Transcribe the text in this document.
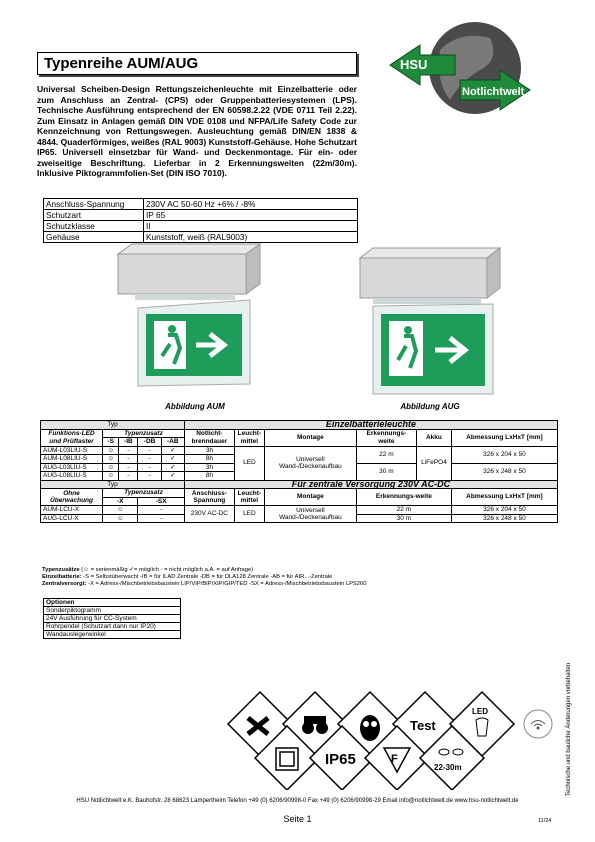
Typenreihe AUM/AUG
Universal Scheiben-Design Rettungszeichenleuchte mit Einzelbatterie oder zum Anschluss an Zentral- (CPS) oder Gruppenbatteriesystemen (LPS). Technische Ausführung entsprechend der EN 60598.2.22 (VDE 0711 Teil 2.22). Zum Einsatz in Anlagen gemäß DIN VDE 0108 und NFPA/Life Safety Code zur Kennzeichnung von Rettungswegen. Ausleuchtung gemäß DIN/EN 1838 & 4844. Quaderförmiges, weißes (RAL 9003) Kunststoff-Gehäuse. Hohe Schutzart IP65. Universell einsetzbar für Wand- und Deckenmontage. Für ein- oder zweiseitige Beschriftung. Lieferbar in 2 Erkennungsweiten (22m/30m). Inklusive Piktogrammfolien-Set (DIN ISO 7010).
HSU
Notlichtwelt
Anschluss-Spannung	230V AC 50-60 Hz +6% / -8%
Schutzart	IP 65
Schutzklasse	II
Gehäuse	Kunststoff, weiß (RAL9003)
Abbildung AUM	Abbildung AUG
Typ					Einzelbatterieleuchte					
Funktions-LED und Prüftaster	Typenzusatz				Notlicht-brenndauer	Leucht-mittel	Montage	Erkennungs-weite	Akku	Abmessung LxHxT [mm]
	-S	-IB	-DB	-AB						
AUM-L03LIU-S	☺	-	-	✓	3h	LED	Universell Wand-/Deckenaufbau	22 m	LiFePO4	326 x 204 x 50
AUM-L08LIU-S	☺	-	-	✓	8h					
AUG-L03LIU-S	☺	-	-	✓	3h			30 m		326 x 248 x 50
AUG-L08LIU-S	☺	-	-	✓	8h					
Typ					Für zentrale Versorgung 230V AC-DC					
Ohne Überwachung	Typenzusatz				Anschluss-Spannung	Leucht-mittel	Montage	Erkennungs-weite		Abmessung LxHxT [mm]
	-X		-SX							
AUM-LCU-X	☺		-		230V AC-DC	LED	Universell Wand-/Deckenaufbau	22 m		326 x 204 x 50
AUG-LCU-X	☺		-					30 m		326 x 248 x 50
Typenzusätze (☺ = serienmäßig ✓= möglich - = nicht möglich a.A. = auf Anfrage)
Einzelbatterie: -S = Selbstüberwacht -IB = für ILAD Zentrale -DB = für DLA128 Zentrale -AB = für AIR...-Zentrale
Zentralversorgt: -X = Adress-/Mischbetriebsbaustein LIP/VIP/BIP/XIP/GIP/TED -SX = Adress-/Mischbetriebsbaustein LPS260
Optionen
Sonderpiktogramm
24V Ausführung für CC-System
Rohrpendel (Schutzart dann nur IP20)
Wandauslegerwinkel
Test
LED
IP65	F
22-30m	Technische und bauliche Änderungen vorbehalten
HSU Notlichtwelt e.K. Bauhofstr. 28 68623 Lampertheim Telefon +49 (0) 6206/90998-0 Fax +49 (0) 6206/90998-29 Email info@notlichtwelt.de www.hsu-notlichtwelt.de
Seite 1	11/24
